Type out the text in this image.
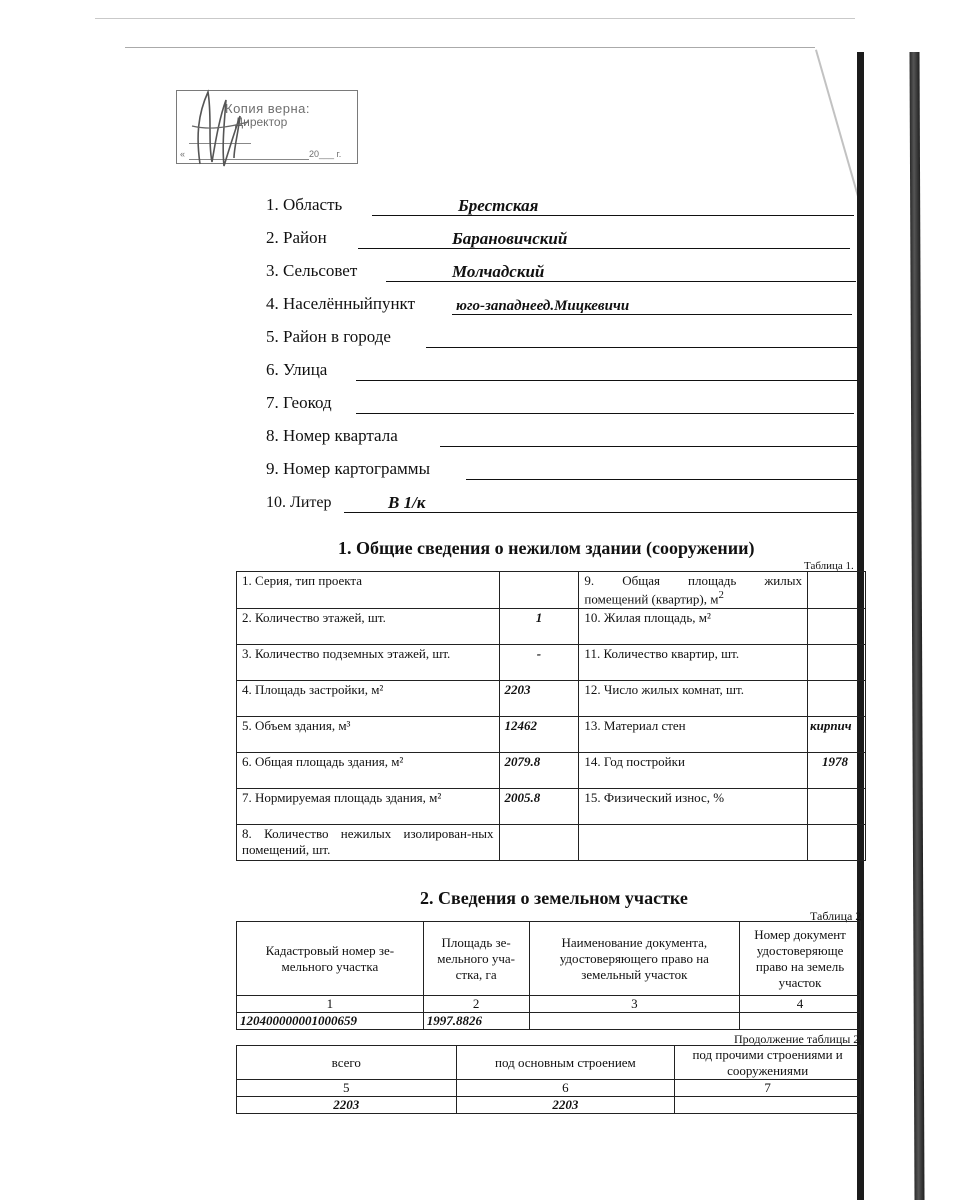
Копия верна:
Директор
«	20___ г.
1. Область	Брестская
2. Район	Барановичский
3. Сельсовет	Молчадский
4. Населённыйпункт	юго-западнеед.Мицкевичи
5. Район в городе
6. Улица
7. Геокод
8. Номер квартала
9. Номер картограммы
10. Литер	В 1/к
1. Общие сведения о нежилом здании (сооружении)
Таблица 1.
1. Серия, тип проекта		9.  Общая  площадь  жилых помещений (квартир), $м^2$	
2. Количество этажей, шт.	1	10. Жилая площадь, м²	
3. Количество подземных этажей, шт.	-	11. Количество квартир, шт.	
4. Площадь застройки, м²	2203	12. Число жилых комнат, шт.	
5. Объем здания, м³	12462	13. Материал стен	кирпич
6. Общая площадь здания, м²	2079.8	14. Год постройки	1978
7. Нормируемая площадь здания, м²	2005.8	15. Физический износ, %	
8. Количество нежилых изолирован-ных помещений, шт.			
2. Сведения о земельном участке
Таблица 2
Кадастровый номер зе-мельного участка	Площадь зе-мельного уча-стка, га	Наименование документа, удостоверяющего право на земельный участок	Номер документ удостоверяюще право на земель участок
1	2	3	4
120400000001000659	1997.8826		
Продолжение таблицы 2
всего	под основным строением	под прочими строениями и сооружениями
5	6	7
2203	2203	
